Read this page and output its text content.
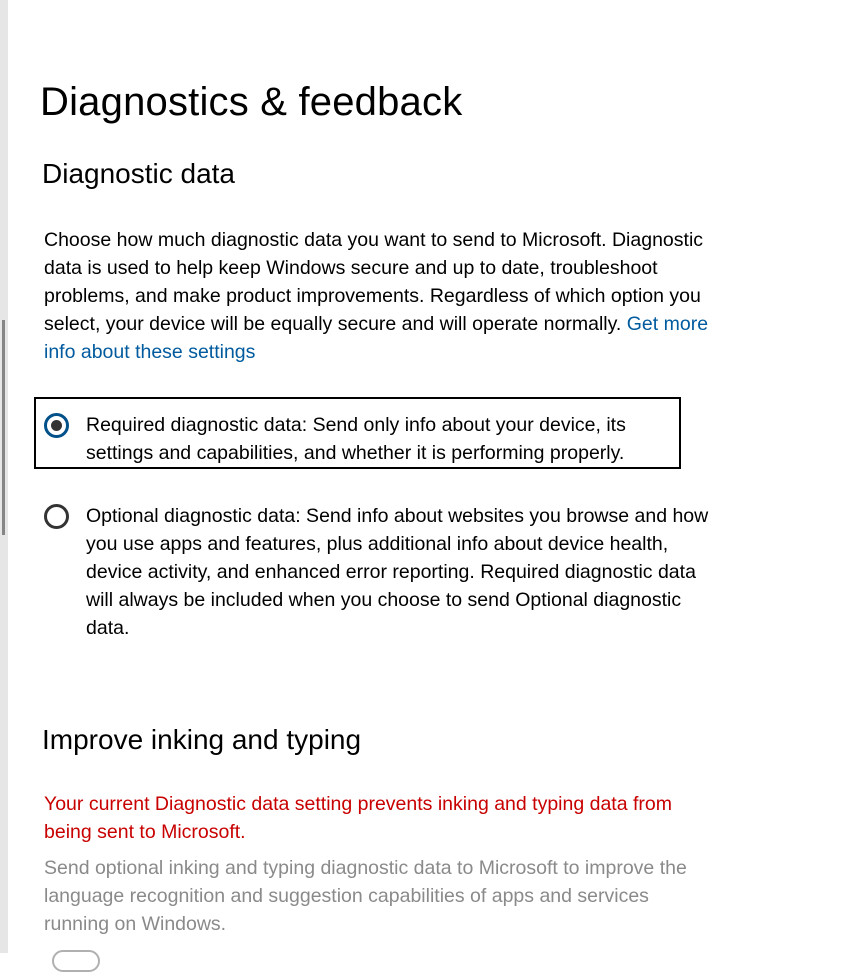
Diagnostics & feedback
Diagnostic data
Choose how much diagnostic data you want to send to Microsoft. Diagnostic data is used to help keep Windows secure and up to date, troubleshoot problems, and make product improvements. Regardless of which option you select, your device will be equally secure and will operate normally. Get more info about these settings
Required diagnostic data: Send only info about your device, its settings and capabilities, and whether it is performing properly.
Optional diagnostic data: Send info about websites you browse and how you use apps and features, plus additional info about device health, device activity, and enhanced error reporting. Required diagnostic data will always be included when you choose to send Optional diagnostic data.
Improve inking and typing
Your current Diagnostic data setting prevents inking and typing data from being sent to Microsoft.
Send optional inking and typing diagnostic data to Microsoft to improve the language recognition and suggestion capabilities of apps and services running on Windows.
